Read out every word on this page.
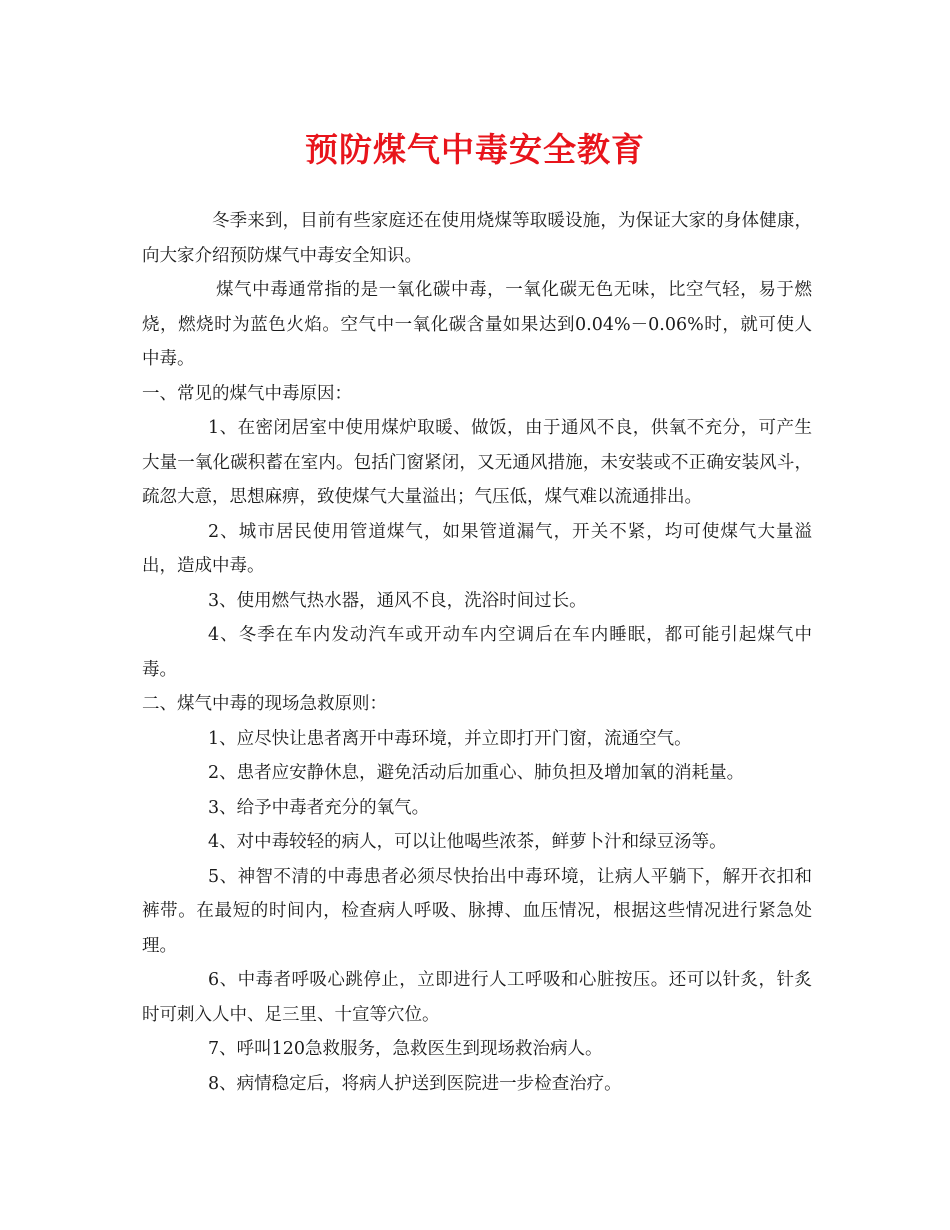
预防煤气中毒安全教育

冬季来到，目前有些家庭还在使用烧煤等取暖设施，为保证大家的身体健康，向大家介绍预防煤气中毒安全知识。

煤气中毒通常指的是一氧化碳中毒，一氧化碳无色无味，比空气轻，易于燃烧，燃烧时为蓝色火焰。空气中一氧化碳含量如果达到0.04%－0.06%时，就可使人中毒。

一、常见的煤气中毒原因：

1、在密闭居室中使用煤炉取暖、做饭，由于通风不良，供氧不充分，可产生大量一氧化碳积蓄在室内。包括门窗紧闭，又无通风措施，未安装或不正确安装风斗，疏忽大意，思想麻痹，致使煤气大量溢出；气压低，煤气难以流通排出。

2、城市居民使用管道煤气，如果管道漏气，开关不紧，均可使煤气大量溢出，造成中毒。

3、使用燃气热水器，通风不良，洗浴时间过长。

4、冬季在车内发动汽车或开动车内空调后在车内睡眠，都可能引起煤气中毒。

二、煤气中毒的现场急救原则：

1、应尽快让患者离开中毒环境，并立即打开门窗，流通空气。

2、患者应安静休息，避免活动后加重心、肺负担及增加氧的消耗量。

3、给予中毒者充分的氧气。

4、对中毒较轻的病人，可以让他喝些浓茶，鲜萝卜汁和绿豆汤等。

5、神智不清的中毒患者必须尽快抬出中毒环境，让病人平躺下，解开衣扣和裤带。在最短的时间内，检查病人呼吸、脉搏、血压情况，根据这些情况进行紧急处理。

6、中毒者呼吸心跳停止，立即进行人工呼吸和心脏按压。还可以针炙，针炙时可刺入人中、足三里、十宣等穴位。

7、呼叫120急救服务，急救医生到现场救治病人。

8、病情稳定后，将病人护送到医院进一步检查治疗。
